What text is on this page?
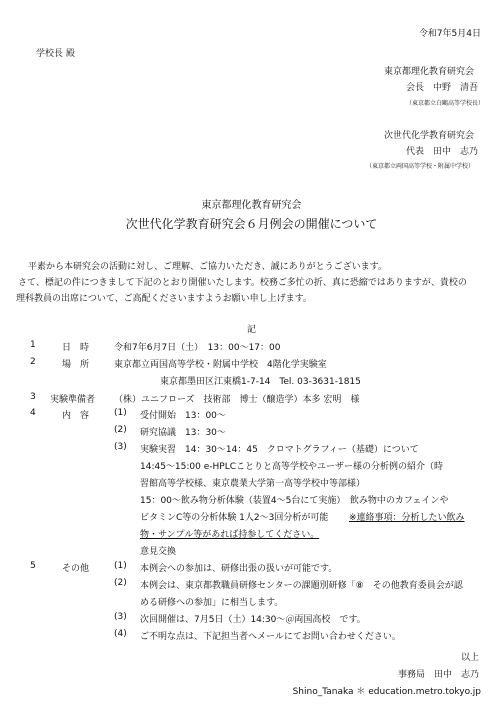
令和7年5月4日
学校長 殿
東京都理化教育研究会
会長　中野　清吾
（東京都立白鷗高等学校長）
次世代化学教育研究会
代表　田中　志乃
（東京都立両国高等学校・附属中学校）
東京都理化教育研究会
次世代化学教育研究会６月例会の開催について
平素から本研究会の活動に対し、ご理解、ご協力いただき、誠にありがとうございます。
さて、標記の件につきまして下記のとおり開催いたします。校務ご多忙の折、真に恐縮ではありますが、貴校の
理科教員の出席について、ご高配くださいますようお願い申し上げます。
記
1	日　時	令和7年6月7日（土）　13：00～17：00
2	場　所	東京都立両国高等学校・附属中学校　4階化学実験室
東京都墨田区江東橋1-7-14　Tel. 03-3631-1815
3 実験準備者 （株）ユニフローズ　技術部　博士（醸造学）本多 宏明　様
4	内　容	(1) 受付開始　13：00～
(2) 研究協議　13：30～
(3) 実験実習　14：30～14：45　クロマトグラフィー（基礎）について
14:45～15:00 e-HPLCことりと高等学校やユーザー様の分析例の紹介（時
習館高等学校様、東京農業大学第一高等学校中等部様）
15：00～飲み物分析体験（装置4～5台にて実施）　飲み物中のカフェインや
ビタミンC等の分析体験 1人2～3回分析が可能 ※連絡事項：分析したい飲み
物・サンプル等があれば持参してください。
意見交換
5	その他	(1) 本例会への参加は、研修出張の扱いが可能です。
(2) 本例会は、東京都教職員研修センターの課題別研修「⑧　その他教育委員会が認
める研修への参加」に相当します。
(3) 次回開催は、7月5日（土）14:30～＠両国高校　です。
(4) ご不明な点は、下記担当者へメールにてお問い合わせください。
以上
事務局　田中　志乃
Shino_Tanaka ＊ education.metro.tokyo.jp
